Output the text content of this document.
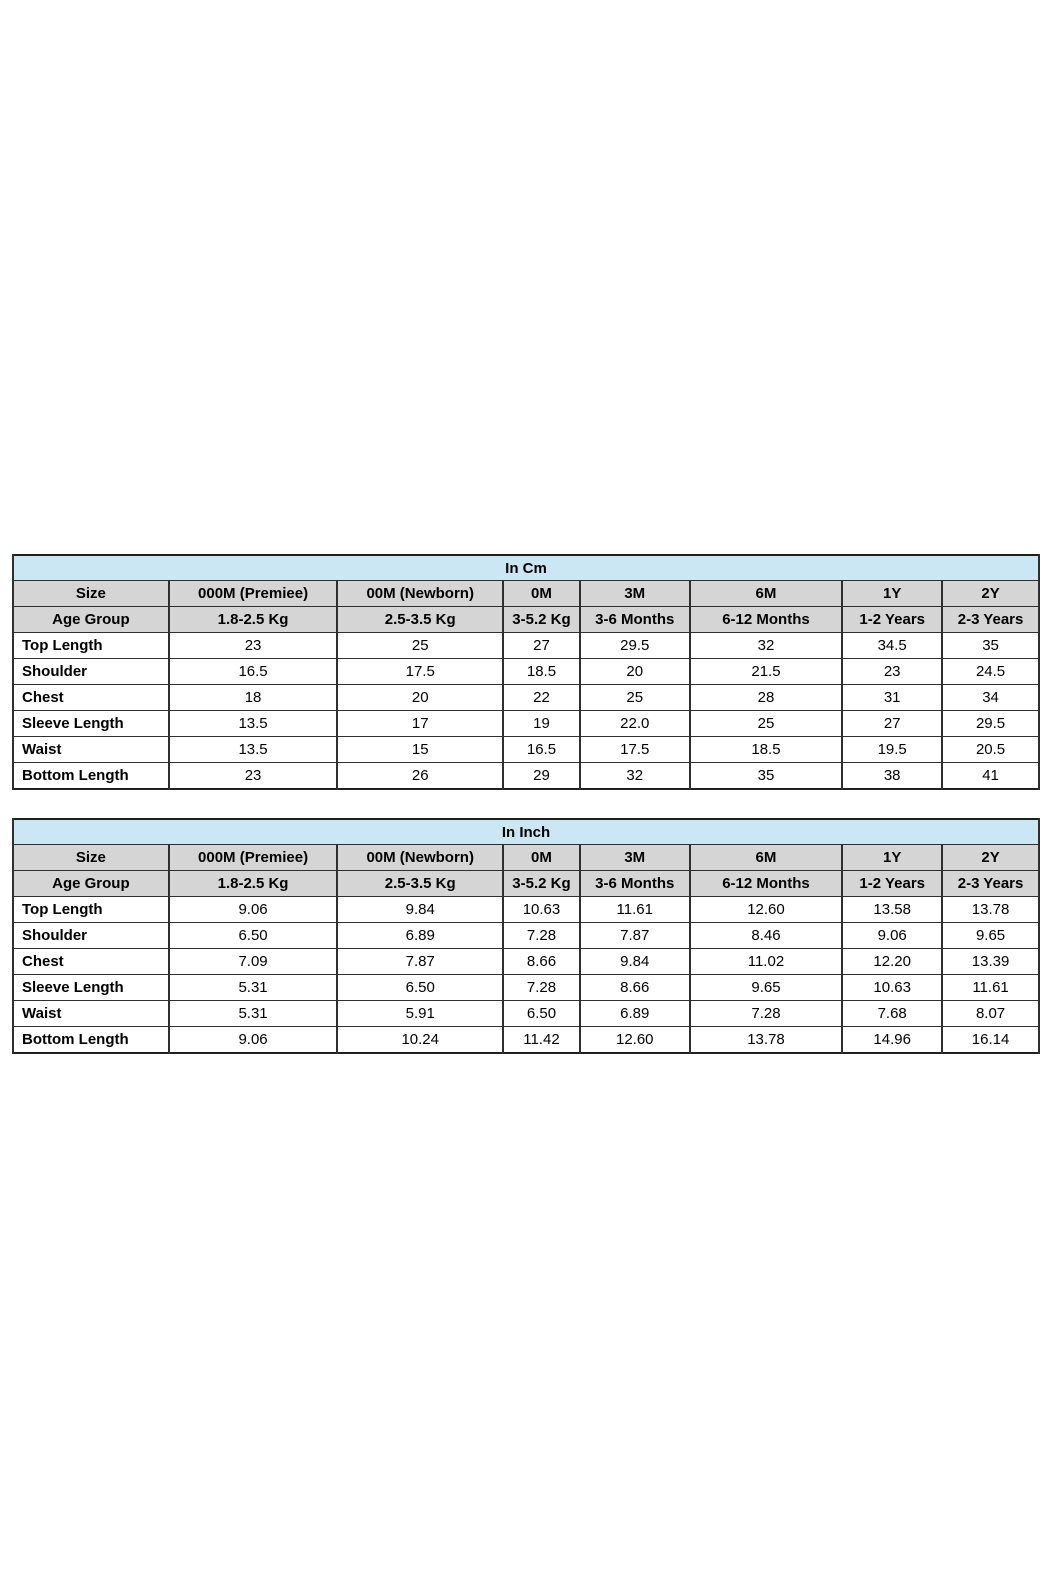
In Cm							
Size	000M (Premiee)	00M (Newborn)	0M	3M	6M	1Y	2Y
Age Group	1.8-2.5 Kg	2.5-3.5 Kg	3-5.2 Kg	3-6 Months	6-12 Months	1-2 Years	2-3 Years
Top Length	23	25	27	29.5	32	34.5	35
Shoulder	16.5	17.5	18.5	20	21.5	23	24.5
Chest	18	20	22	25	28	31	34
Sleeve Length	13.5	17	19	22.0	25	27	29.5
Waist	13.5	15	16.5	17.5	18.5	19.5	20.5
Bottom Length	23	26	29	32	35	38	41
In Inch							
Size	000M (Premiee)	00M (Newborn)	0M	3M	6M	1Y	2Y
Age Group	1.8-2.5 Kg	2.5-3.5 Kg	3-5.2 Kg	3-6 Months	6-12 Months	1-2 Years	2-3 Years
Top Length	9.06	9.84	10.63	11.61	12.60	13.58	13.78
Shoulder	6.50	6.89	7.28	7.87	8.46	9.06	9.65
Chest	7.09	7.87	8.66	9.84	11.02	12.20	13.39
Sleeve Length	5.31	6.50	7.28	8.66	9.65	10.63	11.61
Waist	5.31	5.91	6.50	6.89	7.28	7.68	8.07
Bottom Length	9.06	10.24	11.42	12.60	13.78	14.96	16.14
